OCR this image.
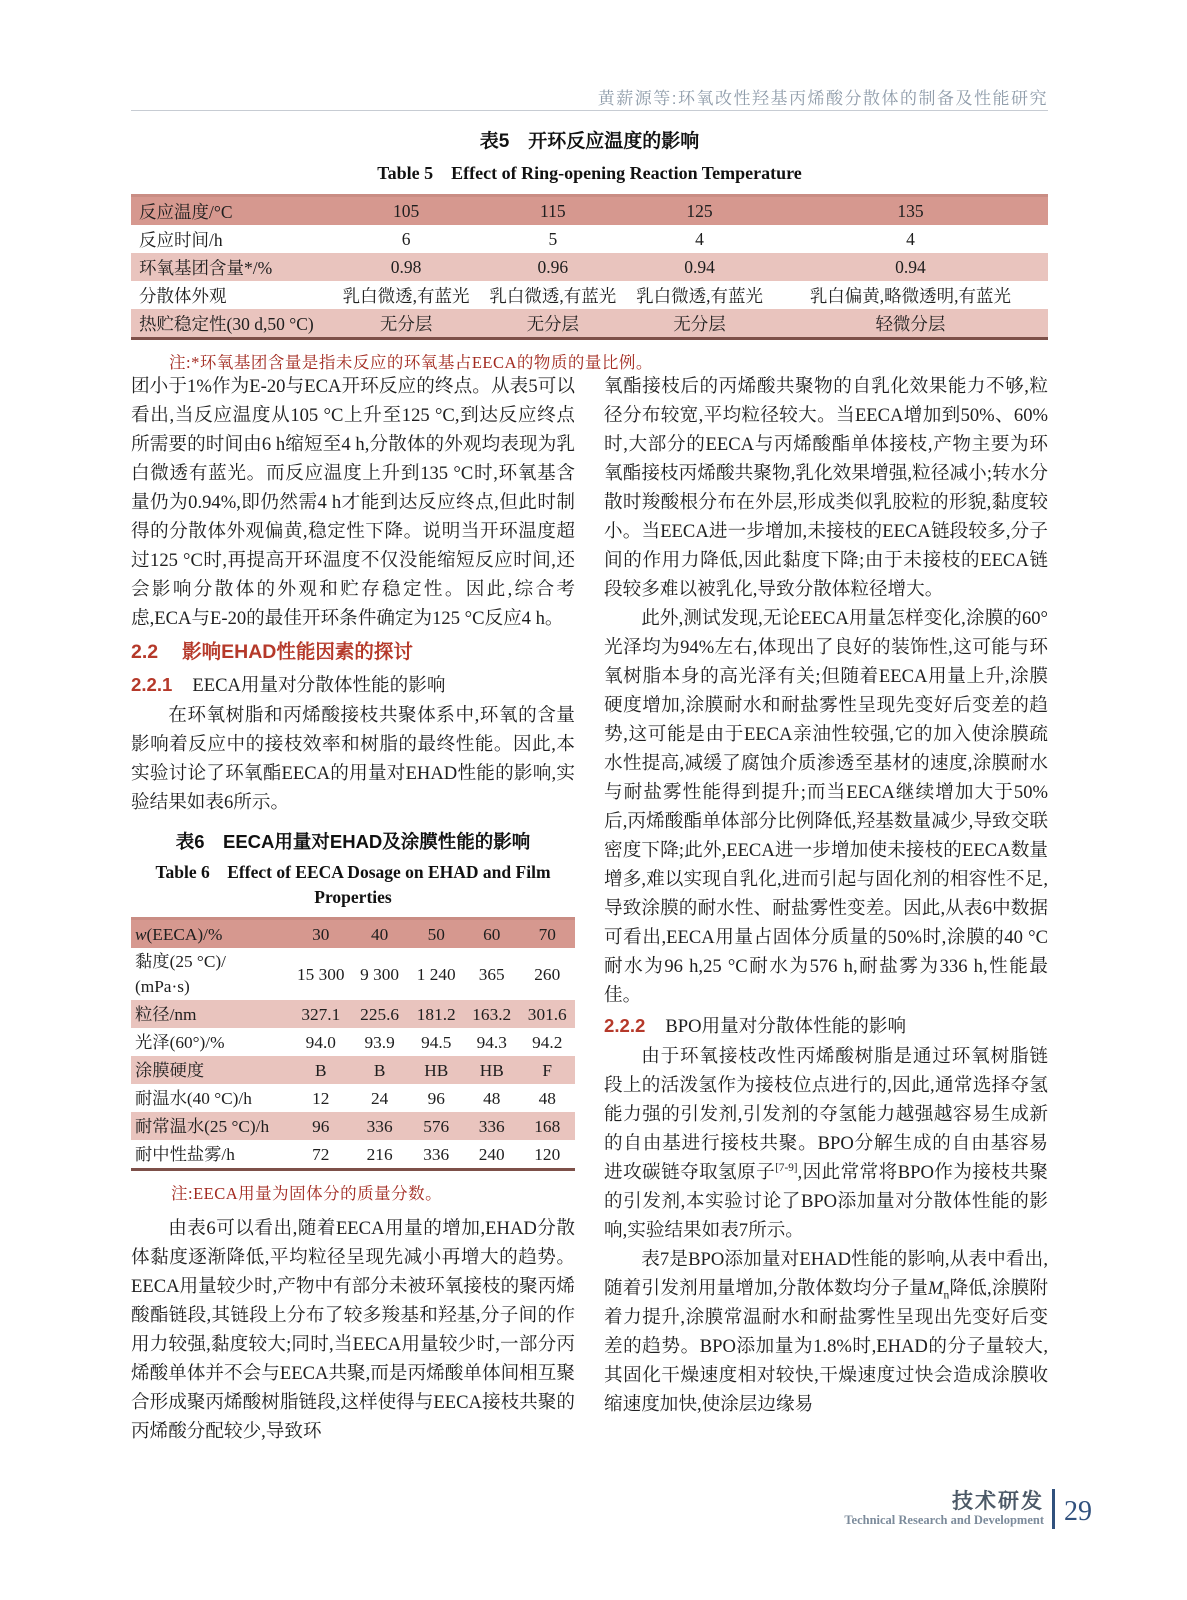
黄薪源等:环氧改性羟基丙烯酸分散体的制备及性能研究
表5　开环反应温度的影响
Table 5　Effect of Ring-opening Reaction Temperature
反应温度/°C	105	115	125	135
反应时间/h	6	5	4	4
环氧基团含量*/%	0.98	0.96	0.94	0.94
分散体外观	乳白微透,有蓝光	乳白微透,有蓝光	乳白微透,有蓝光	乳白偏黄,略微透明,有蓝光
热贮稳定性(30 d,50 °C)	无分层	无分层	无分层	轻微分层
注:*环氧基团含量是指未反应的环氧基占EECA的物质的量比例。

团小于1%作为E-20与ECA开环反应的终点。从表5可以看出,当反应温度从105 °C上升至125 °C,到达反应终点所需要的时间由6 h缩短至4 h,分散体的外观均表现为乳白微透有蓝光。而反应温度上升到135 °C时,环氧基含量仍为0.94%,即仍然需4 h才能到达反应终点,但此时制得的分散体外观偏黄,稳定性下降。说明当开环温度超过125 °C时,再提高开环温度不仅没能缩短反应时间,还会影响分散体的外观和贮存稳定性。因此,综合考虑,ECA与E-20的最佳开环条件确定为125 °C反应4 h。

2.2 影响EHAD性能因素的探讨

2.2.1 EECA用量对分散体性能的影响

在环氧树脂和丙烯酸接枝共聚体系中,环氧的含量影响着反应中的接枝效率和树脂的最终性能。因此,本实验讨论了环氧酯EECA的用量对EHAD性能的影响,实验结果如表6所示。

表6　EECA用量对EHAD及涂膜性能的影响
Table 6　Effect of EECA Dosage on EHAD and Film
Properties
w(EECA)/%	30	40	50	60	70
黏度(25 °C)/
(mPa·s)	15 300	9 300	1 240	365	260
粒径/nm	327.1	225.6	181.2	163.2	301.6
光泽(60°)/%	94.0	93.9	94.5	94.3	94.2
涂膜硬度	B	B	HB	HB	F
耐温水(40 °C)/h	12	24	96	48	48
耐常温水(25 °C)/h	96	336	576	336	168
耐中性盐雾/h	72	216	336	240	120
注:EECA用量为固体分的质量分数。

由表6可以看出,随着EECA用量的增加,EHAD分散体黏度逐渐降低,平均粒径呈现先减小再增大的趋势。EECA用量较少时,产物中有部分未被环氧接枝的聚丙烯酸酯链段,其链段上分布了较多羧基和羟基,分子间的作用力较强,黏度较大;同时,当EECA用量较少时,一部分丙烯酸单体并不会与EECA共聚,而是丙烯酸单体间相互聚合形成聚丙烯酸树脂链段,这样使得与EECA接枝共聚的丙烯酸分配较少,导致环

氧酯接枝后的丙烯酸共聚物的自乳化效果能力不够,粒径分布较宽,平均粒径较大。当EECA增加到50%、60%时,大部分的EECA与丙烯酸酯单体接枝,产物主要为环氧酯接枝丙烯酸共聚物,乳化效果增强,粒径减小;转水分散时羧酸根分布在外层,形成类似乳胶粒的形貌,黏度较小。当EECA进一步增加,未接枝的EECA链段较多,分子间的作用力降低,因此黏度下降;由于未接枝的EECA链段较多难以被乳化,导致分散体粒径增大。

此外,测试发现,无论EECA用量怎样变化,涂膜的60°光泽均为94%左右,体现出了良好的装饰性,这可能与环氧树脂本身的高光泽有关;但随着EECA用量上升,涂膜硬度增加,涂膜耐水和耐盐雾性呈现先变好后变差的趋势,这可能是由于EECA亲油性较强,它的加入使涂膜疏水性提高,减缓了腐蚀介质渗透至基材的速度,涂膜耐水与耐盐雾性能得到提升;而当EECA继续增加大于50%后,丙烯酸酯单体部分比例降低,羟基数量减少,导致交联密度下降;此外,EECA进一步增加使未接枝的EECA数量增多,难以实现自乳化,进而引起与固化剂的相容性不足,导致涂膜的耐水性、耐盐雾性变差。因此,从表6中数据可看出,EECA用量占固体分质量的50%时,涂膜的40 °C耐水为96 h,25 °C耐水为576 h,耐盐雾为336 h,性能最佳。

2.2.2 BPO用量对分散体性能的影响

由于环氧接枝改性丙烯酸树脂是通过环氧树脂链段上的活泼氢作为接枝位点进行的,因此,通常选择夺氢能力强的引发剂,引发剂的夺氢能力越强越容易生成新的自由基进行接枝共聚。BPO分解生成的自由基容易进攻碳链夺取氢原子[7-9],因此常常将BPO作为接枝共聚的引发剂,本实验讨论了BPO添加量对分散体性能的影响,实验结果如表7所示。

表7是BPO添加量对EHAD性能的影响,从表中看出,随着引发剂用量增加,分散体数均分子量$M_n$降低,涂膜附着力提升,涂膜常温耐水和耐盐雾性呈现出先变好后变差的趋势。BPO添加量为1.8%时,EHAD的分子量较大,其固化干燥速度相对较快,干燥速度过快会造成涂膜收缩速度加快,使涂层边缘易

技术研发
Technical Research and Development 29
